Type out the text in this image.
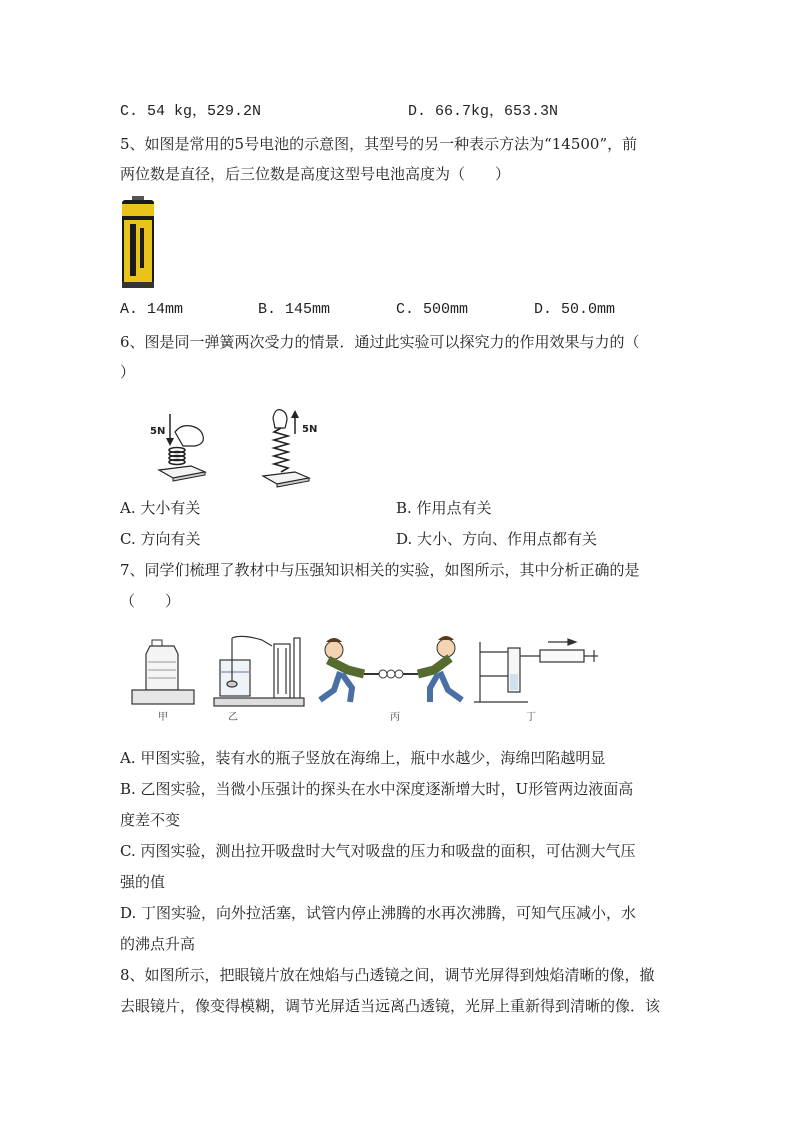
C. 54 kg，529.2N	D. 66.7kg，653.3N
5、如图是常用的5号电池的示意图，其型号的另一种表示方法为“14500”，前
两位数是直径，后三位数是高度这型号电池高度为（　　）
A. 14mm	B. 145mm	C. 500mm	D. 50.0mm
6、图是同一弹簧两次受力的情景．通过此实验可以探究力的作用效果与力的（
）
5N	5N
A. 大小有关	B. 作用点有关
C. 方向有关	D. 大小、方向、作用点都有关
7、同学们梳理了教材中与压强知识相关的实验，如图所示，其中分析正确的是
（　　）
甲	乙	丙	丁
A. 甲图实验，装有水的瓶子竖放在海绵上，瓶中水越少，海绵凹陷越明显
B. 乙图实验，当微小压强计的探头在水中深度逐渐增大时，U形管两边液面高
度差不变
C. 丙图实验，测出拉开吸盘时大气对吸盘的压力和吸盘的面积，可估测大气压
强的值
D. 丁图实验，向外拉活塞，试管内停止沸腾的水再次沸腾，可知气压减小，水
的沸点升高
8、如图所示，把眼镜片放在烛焰与凸透镜之间，调节光屏得到烛焰清晰的像，撤
去眼镜片，像变得模糊，调节光屏适当远离凸透镜，光屏上重新得到清晰的像．该
